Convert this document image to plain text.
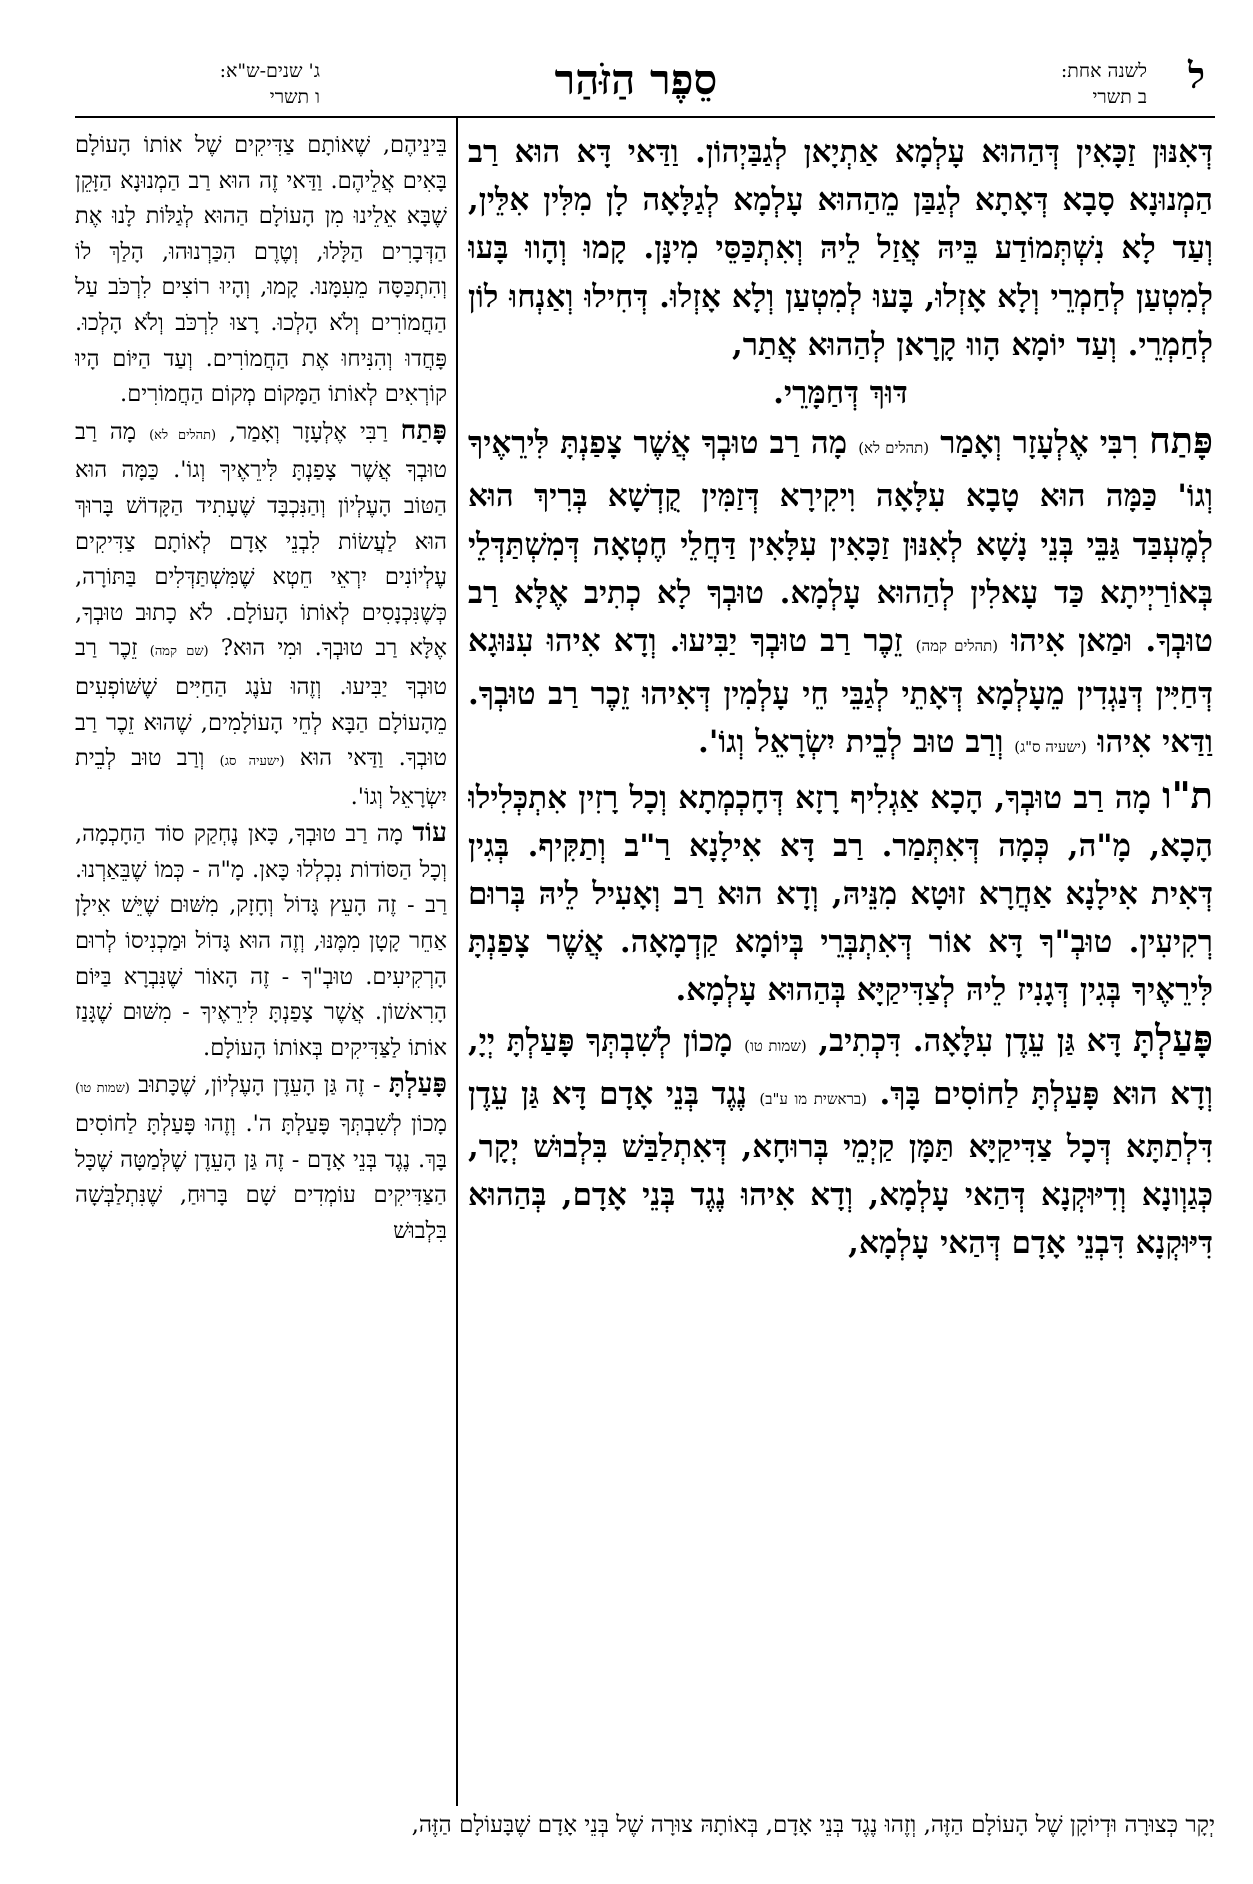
ל
לשנה אחת:
ב תשרי
סֵפֶר הַזֹּהַר
ג' שנים-ש"א:
ו תשרי

דְּאִנּוּן זַכָּאִין דְּהַהוּא עָלְמָא אַתְיָאן לְגַבַּיְהוֹן. וַדַּאי דָּא הוּא רַב הַמְנוּנָא סָבָא דְּאָתָא לְגַבַּן מֵהַהוּא עָלְמָא לְגַלָּאָה לָן מִלִּין אִלֵּין, וְעַד לָא נִשְׁתְּמוֹדַע בֵּיהּ אֲזַל לֵיהּ וְאִתְכַּסֵּי מִינָּן. קָמוּ וְהָווּ בָּעוּ לְמִטְעַן לְחַמְרֵי וְלָא אָזְלוּ, בָּעוּ לְמִטְעַן וְלָא אָזְלוּ. דְּחִילוּ וְאַנְחוּ לוֹן לְחַמְרֵי. וְעַד יוֹמָא הָווּ קָרָאן לְהַהוּא אֲתַר,

דּוּךְ דְּחַמָּרֵי.

פָּתַח רִבִּי אֶלְעָזָר וְאָמַר (תהלים לא) מָה רַב טוּבְךָ אֲשֶׁר צָפַנְתָּ לִּירֵאֶיךָ וְגוֹ' כַּמָּה הוּא טָבָא עִלָּאָה וִיקִירָא דְּזַמִּין קֻדְשָׁא בְּרִיךְ הוּא לְמֶעְבַּד גַּבֵּי בְּנֵי נָשָׁא לְאִנּוּן זַכָּאִין עִלָּאִין דַּחֲלֵי חֶטְאָה דְּמִשְׁתַּדְּלֵי בְּאוֹרַיְיתָא כַּד עָאלִין לְהַהוּא עָלְמָא. טוּבְךָ לָא כְתִיב אֶלָּא רַב טוּבְךָ. וּמַאן אִיהוּ (תהלים קמה) זֵכֶר רַב טוּבְךָ יַבִּיעוּ. וְדָא אִיהוּ עִנּוּגָא דְּחַיִּין דְּנַגְדִין מֵעָלְמָא דְּאָתֵי לְגַבֵּי חֵי עָלְמִין דְּאִיהוּ זֵכֶר רַב טוּבְךָ. וַדַּאי אִיהוּ (ישעיה ס"ג) וְרַב טוּב לְבֵית יִשְׂרָאֵל וְגוֹ'.

ת"ו מָה רַב טוּבְךָ, הָכָא אַגְלִיף רָזָא דְּחָכְמְתָא וְכָל רָזִין אִתְכְּלִילוּ הָכָא, מָ"ה, כְּמָה דְּאִתְּמַר. רַב דָּא אִילָנָא רַ"ב וְתַקִּיף. בְּגִין דְּאִית אִילָנָא אַחֲרָא זוּטָא מִנֵּיהּ, וְדָא הוּא רַב וְאָעִיל לֵיהּ בְּרוּם רְקִיעִין. טוּבְ"ךָ דָּא אוֹר דְּאִתְבְּרֵי בְּיוֹמָא קַדְמָאָה. אֲשֶׁר צָפַנְתָּ לִּירֵאֶיךָ בְּגִין דְּגָנִיז לֵיהּ לְצַדִּיקַיָּא בְּהַהוּא עָלְמָא.

פָּעַלְתָּ דָּא גַּן עֵדֶן עִלָּאָה. דִּכְתִיב, (שמות טו) מָכוֹן לְשִׁבְתְּךָ פָּעַלְתָּ יְיָ, וְדָא הוּא פָּעַלְתָּ לַחוֹסִים בָּךְ. (בראשית מו ע"ב) נֶגֶד בְּנֵי אָדָם דָּא גַּן עֵדֶן דִּלְתַתָּא דְּכָל צַדִּיקַיָּא תַּמָּן קַיְמֵי בְּרוּחָא, דְּאִתְלַבַּשׁ בִּלְבוּשׁ יְקָר, כְּגַוְונָא וְדִיּוּקְנָא דְּהַאי עָלְמָא, וְדָא אִיהוּ נֶגֶד בְּנֵי אָדָם, בְּהַהוּא דִּיּוּקְנָא דִּבְנֵי אָדָם דְּהַאי עָלְמָא,

בֵּינֵיהֶם, שֶׁאוֹתָם צַדִּיקִים שֶׁל אוֹתוֹ הָעוֹלָם בָּאִים אֲלֵיהֶם. וַדַּאי זֶה הוּא רַב הַמְנוּנָא הַזָּקֵן שֶׁבָּא אֵלֵינוּ מִן הָעוֹלָם הַהוּא לְגַלּוֹת לָנוּ אֶת הַדְּבָרִים הַלָּלוּ, וְטֶרֶם הִכַּרְנוּהוּ, הָלַךְ לוֹ וְהִתְכַּסָּה מֵעִמָּנוּ. קָמוּ, וְהָיוּ רוֹצִים לִרְכֹּב עַל הַחֲמוֹרִים וְלֹא הָלְכוּ. רָצוּ לִרְכֹּב וְלֹא הָלְכוּ. פָּחֲדוּ וְהִנִּיחוּ אֶת הַחֲמוֹרִים. וְעַד הַיּוֹם הָיוּ קוֹרְאִים לְאוֹתוֹ הַמָּקוֹם מְקוֹם הַחֲמוֹרִים.

פָּתַח רַבִּי אֶלְעָזָר וְאָמַר, (תהלים לא) מָה רַב טוּבְךָ אֲשֶׁר צָפַנְתָּ לִּירֵאֶיךָ וְגוֹ'. כַּמָּה הוּא הַטּוֹב הָעֶלְיוֹן וְהַנִּכְבָּד שֶׁעָתִיד הַקָּדוֹשׁ בָּרוּךְ הוּא לַעֲשׂוֹת לִבְנֵי אָדָם לְאוֹתָם צַדִּיקִים עֶלְיוֹנִים יִרְאֵי חֵטְא שֶׁמִּשְׁתַּדְּלִים בַּתּוֹרָה, כְּשֶׁנִּכְנָסִים לְאוֹתוֹ הָעוֹלָם. לֹא כָתוּב טוּבְךָ, אֶלָּא רַב טוּבְךָ. וּמִי הוּא? (שם קמה) זֵכֶר רַב טוּבְךָ יַבִּיעוּ. וְזֶהוּ עֹנֶג הַחַיִּים שֶׁשּׁוֹפְעִים מֵהָעוֹלָם הַבָּא לְחֵי הָעוֹלָמִים, שֶׁהוּא זֵכֶר רַב טוּבְךָ. וַדַּאי הוּא (ישעיה סג) וְרַב טוּב לְבֵית יִשְׂרָאֵל וְגוֹ'.

עוֹד מָה רַב טוּבְךָ, כָּאן נֶחְקַק סוֹד הַחָכְמָה, וְכָל הַסּוֹדוֹת נִכְלְלוּ כָּאן. מָ"ה - כְּמוֹ שֶׁבֵּאַרְנוּ. רַב - זֶה הָעֵץ גָּדוֹל וְחָזָק, מִשּׁוּם שֶׁיֵּשׁ אִילָן אַחֵר קָטָן מִמֶּנּוּ, וְזֶה הוּא גָּדוֹל וּמַכְנִיסוֹ לְרוּם הָרְקִיעִים. טוּבְ"ךָ - זֶה הָאוֹר שֶׁנִּבְרָא בַּיּוֹם הָרִאשׁוֹן. אֲשֶׁר צָפַנְתָּ לִּירֵאֶיךָ - מִשּׁוּם שֶׁגָּנַז אוֹתוֹ לַצַּדִּיקִים בְּאוֹתוֹ הָעוֹלָם.

פָּעַלְתָּ - זֶה גַּן הָעֵדֶן הָעֶלְיוֹן, שֶׁכָּתוּב (שמות טו) מָכוֹן לְשִׁבְתְּךָ פָּעַלְתָּ ה'. וְזֶהוּ פָּעַלְתָּ לַחוֹסִים בָּךְ. נֶגֶד בְּנֵי אָדָם - זֶה גַּן הָעֵדֶן שֶׁלְּמַטָּה שֶׁכָּל הַצַּדִּיקִים עוֹמְדִים שָׁם בָּרוּחַ, שֶׁנִּתְלַבְּשָׁה בִּלְבוּשׁ

יְקָר כְּצוּרָה וּדְיוֹקָן שֶׁל הָעוֹלָם הַזֶּה, וְזֶהוּ נֶגֶד בְּנֵי אָדָם, בְּאוֹתָהּ צוּרָה שֶׁל בְּנֵי אָדָם שֶׁבָּעוֹלָם הַזֶּה,
